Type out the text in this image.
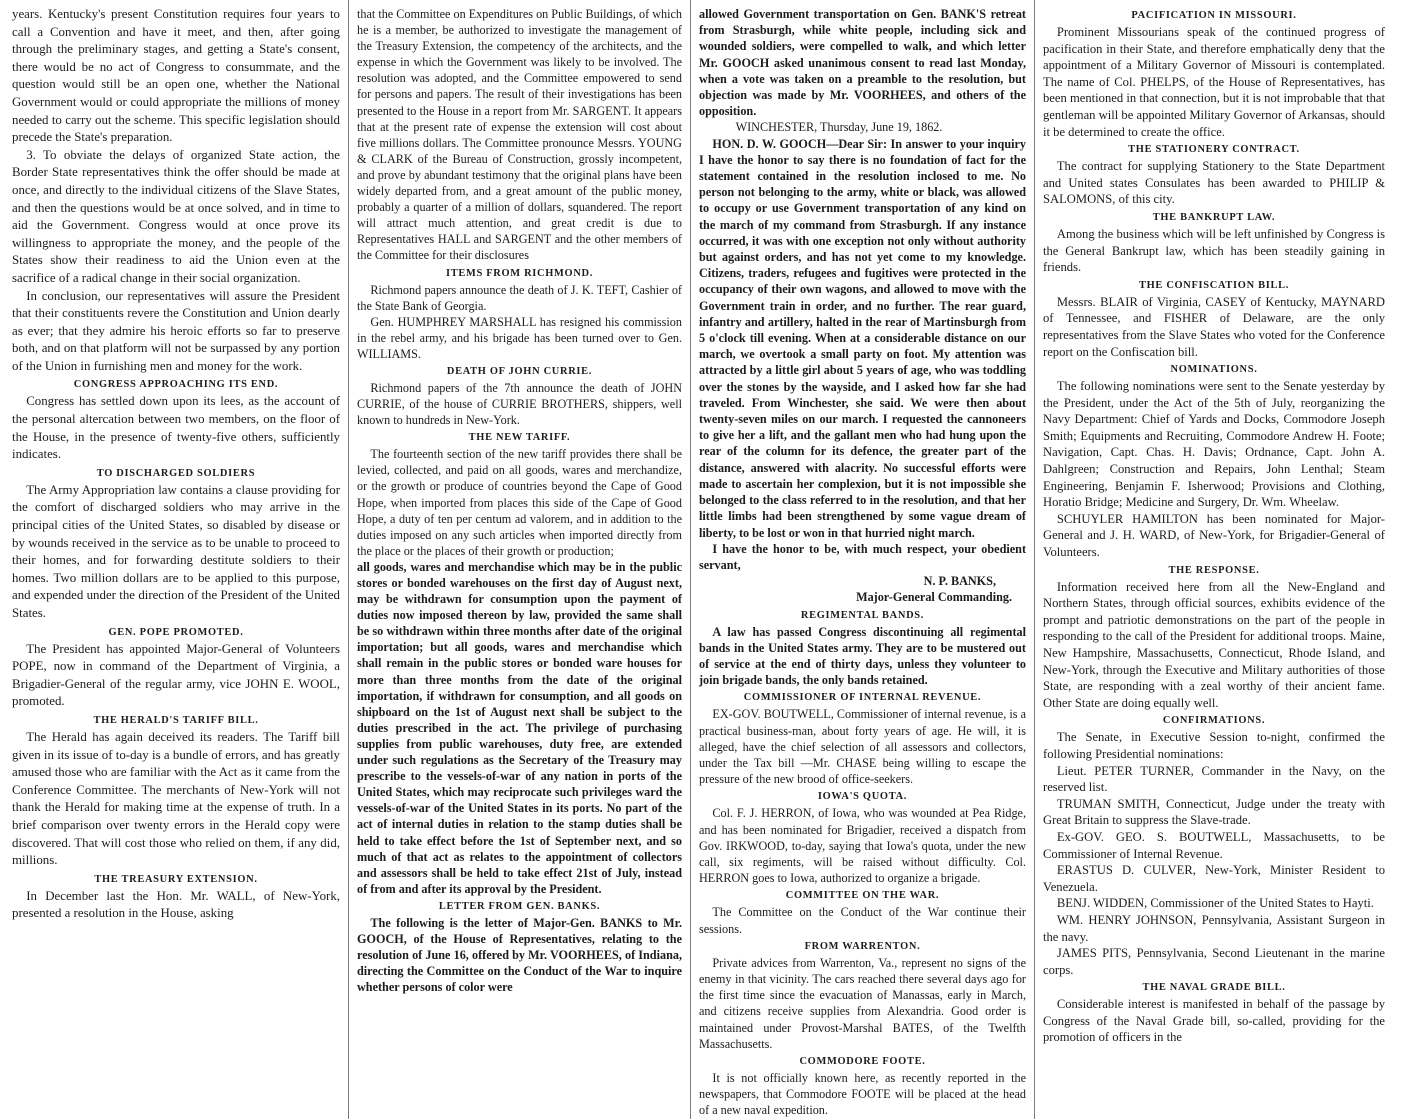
years. Kentucky's present Constitution requires four years to call a Convention and have it meet, and then, after going through the preliminary stages, and getting a State's consent, there would be no act of Congress to consummate, and the question would still be an open one, whether the National Government would or could appropriate the millions of money needed to carry out the scheme. This specific legislation should precede the State's preparation.

3. To obviate the delays of organized State action, the Border State representatives think the offer should be made at once, and directly to the individual citizens of the Slave States, and then the questions would be at once solved, and in time to aid the Government. Congress would at once prove its willingness to appropriate the money, and the people of the States show their readiness to aid the Union even at the sacrifice of a radical change in their social organization.

In conclusion, our representatives will assure the President that their constituents revere the Constitution and Union dearly as ever; that they admire his heroic efforts so far to preserve both, and on that platform will not be surpassed by any portion of the Union in furnishing men and money for the work.

CONGRESS APPROACHING ITS END.

Congress has settled down upon its lees, as the account of the personal altercation between two members, on the floor of the House, in the presence of twenty-five others, sufficiently indicates.

TO DISCHARGED SOLDIERS

The Army Appropriation law contains a clause providing for the comfort of discharged soldiers who may arrive in the principal cities of the United States, so disabled by disease or by wounds received in the service as to be unable to proceed to their homes, and for forwarding destitute soldiers to their homes. Two million dollars are to be applied to this purpose, and expended under the direction of the President of the United States.

GEN. POPE PROMOTED.

The President has appointed Major-General of Volunteers POPE, now in command of the Department of Virginia, a Brigadier-General of the regular army, vice JOHN E. WOOL, promoted.

THE HERALD'S TARIFF BILL.

The Herald has again deceived its readers. The Tariff bill given in its issue of to-day is a bundle of errors, and has greatly amused those who are familiar with the Act as it came from the Conference Committee. The merchants of New-York will not thank the Herald for making time at the expense of truth. In a brief comparison over twenty errors in the Herald copy were discovered. That will cost those who relied on them, if any did, millions.

THE TREASURY EXTENSION.

In December last the Hon. Mr. WALL, of New-York, presented a resolution in the House, asking

that the Committee on Expenditures on Public Buildings, of which he is a member, be authorized to investigate the management of the Treasury Extension, the competency of the architects, and the expense in which the Government was likely to be involved. The resolution was adopted, and the Committee empowered to send for persons and papers. The result of their investigations has been presented to the House in a report from Mr. SARGENT. It appears that at the present rate of expense the extension will cost about five millions dollars. The Committee pronounce Messrs. YOUNG & CLARK of the Bureau of Construction, grossly incompetent, and prove by abundant testimony that the original plans have been widely departed from, and a great amount of the public money, probably a quarter of a million of dollars, squandered. The report will attract much attention, and great credit is due to Representatives HALL and SARGENT and the other members of the Committee for their disclosures

ITEMS FROM RICHMOND.

Richmond papers announce the death of J. K. TEFT, Cashier of the State Bank of Georgia.

Gen. HUMPHREY MARSHALL has resigned his commission in the rebel army, and his brigade has been turned over to Gen. WILLIAMS.

DEATH OF JOHN CURRIE.

Richmond papers of the 7th announce the death of JOHN CURRIE, of the house of CURRIE BROTHERS, shippers, well known to hundreds in New-York.

THE NEW TARIFF.

The fourteenth section of the new tariff provides there shall be levied, collected, and paid on all goods, wares and merchandize, or the growth or produce of countries beyond the Cape of Good Hope, when imported from places this side of the Cape of Good Hope, a duty of ten per centum ad valorem, and in addition to the duties imposed on any such articles when imported directly from the place or the places of their growth or production;

all goods, wares and merchandise which may be in the public stores or bonded warehouses on the first day of August next, may be withdrawn for consumption upon the payment of duties now imposed thereon by law, provided the same shall be so withdrawn within three months after date of the original importation; but all goods, wares and merchandise which shall remain in the public stores or bonded ware houses for more than three months from the date of the original importation, if withdrawn for consumption, and all goods on shipboard on the 1st of August next shall be subject to the duties prescribed in the act. The privilege of purchasing supplies from public warehouses, duty free, are extended under such regulations as the Secretary of the Treasury may prescribe to the vessels-of-war of any nation in ports of the United States, which may reciprocate such privileges ward the vessels-of-war of the United States in its ports. No part of the act of internal duties in relation to the stamp duties shall be held to take effect before the 1st of September next, and so much of that act as relates to the appointment of collectors and assessors shall be held to take effect 21st of July, instead of from and after its approval by the President.

LETTER FROM GEN. BANKS.

The following is the letter of Major-Gen. BANKS to Mr. GOOCH, of the House of Representatives, relating to the resolution of June 16, offered by Mr. VOORHEES, of Indiana, directing the Committee on the Conduct of the War to inquire whether persons of color were

allowed Government transportation on Gen. BANK'S retreat from Strasburgh, while white people, including sick and wounded soldiers, were compelled to walk, and which letter Mr. GOOCH asked unanimous consent to read last Monday, when a vote was taken on a preamble to the resolution, but objection was made by Mr. VOORHEES, and others of the opposition.

WINCHESTER, Thursday, June 19, 1862.

HON. D. W. GOOCH—Dear Sir: In answer to your inquiry I have the honor to say there is no foundation of fact for the statement contained in the resolution inclosed to me. No person not belonging to the army, white or black, was allowed to occupy or use Government transportation of any kind on the march of my command from Strasburgh. If any instance occurred, it was with one exception not only without authority but against orders, and has not yet come to my knowledge. Citizens, traders, refugees and fugitives were protected in the occupancy of their own wagons, and allowed to move with the Government train in order, and no further. The rear guard, infantry and artillery, halted in the rear of Martinsburgh from 5 o'clock till evening. When at a considerable distance on our march, we overtook a small party on foot. My attention was attracted by a little girl about 5 years of age, who was toddling over the stones by the wayside, and I asked how far she had traveled. From Winchester, she said. We were then about twenty-seven miles on our march. I requested the cannoneers to give her a lift, and the gallant men who had hung upon the rear of the column for its defence, the greater part of the distance, answered with alacrity. No successful efforts were made to ascertain her complexion, but it is not impossible she belonged to the class referred to in the resolution, and that her little limbs had been strengthened by some vague dream of liberty, to be lost or won in that hurried night march.

I have the honor to be, with much respect, your obedient servant,

N. P. BANKS,

Major-General Commanding.

REGIMENTAL BANDS.

A law has passed Congress discontinuing all regimental bands in the United States army. They are to be mustered out of service at the end of thirty days, unless they volunteer to join brigade bands, the only bands retained.

COMMISSIONER OF INTERNAL REVENUE.

EX-GOV. BOUTWELL, Commissioner of internal revenue, is a practical business-man, about forty years of age. He will, it is alleged, have the chief selection of all assessors and collectors, under the Tax bill —Mr. CHASE being willing to escape the pressure of the new brood of office-seekers.

IOWA'S QUOTA.

Col. F. J. HERRON, of Iowa, who was wounded at Pea Ridge, and has been nominated for Brigadier, received a dispatch from Gov. IRKWOOD, to-day, saying that Iowa's quota, under the new call, six regiments, will be raised without difficulty. Col. HERRON goes to Iowa, authorized to organize a brigade.

COMMITTEE ON THE WAR.

The Committee on the Conduct of the War continue their sessions.

FROM WARRENTON.

Private advices from Warrenton, Va., represent no signs of the enemy in that vicinity. The cars reached there several days ago for the first time since the evacuation of Manassas, early in March, and citizens receive supplies from Alexandria. Good order is maintained under Provost-Marshal BATES, of the Twelfth Massachusetts.

COMMODORE FOOTE.

It is not officially known here, as recently reported in the newspapers, that Commodore FOOTE will be placed at the head of a new naval expedition.

PACIFICATION IN MISSOURI.

Prominent Missourians speak of the continued progress of pacification in their State, and therefore emphatically deny that the appointment of a Military Governor of Missouri is contemplated. The name of Col. PHELPS, of the House of Representatives, has been mentioned in that connection, but it is not improbable that that gentleman will be appointed Military Governor of Arkansas, should it be determined to create the office.

THE STATIONERY CONTRACT.

The contract for supplying Stationery to the State Department and United states Consulates has been awarded to PHILIP & SALOMONS, of this city.

THE BANKRUPT LAW.

Among the business which will be left unfinished by Congress is the General Bankrupt law, which has been steadily gaining in friends.

THE CONFISCATION BILL.

Messrs. BLAIR of Virginia, CASEY of Kentucky, MAYNARD of Tennessee, and FISHER of Delaware, are the only representatives from the Slave States who voted for the Conference report on the Confiscation bill.

NOMINATIONS.

The following nominations were sent to the Senate yesterday by the President, under the Act of the 5th of July, reorganizing the Navy Department: Chief of Yards and Docks, Commodore Joseph Smith; Equipments and Recruiting, Commodore Andrew H. Foote; Navigation, Capt. Chas. H. Davis; Ordnance, Capt. John A. Dahlgreen; Construction and Repairs, John Lenthal; Steam Engineering, Benjamin F. Isherwood; Provisions and Clothing, Horatio Bridge; Medicine and Surgery, Dr. Wm. Wheelaw.

SCHUYLER HAMILTON has been nominated for Major-General and J. H. WARD, of New-York, for Brigadier-General of Volunteers.

THE RESPONSE.

Information received here from all the New-England and Northern States, through official sources, exhibits evidence of the prompt and patriotic demonstrations on the part of the people in responding to the call of the President for additional troops. Maine, New Hampshire, Massachusetts, Connecticut, Rhode Island, and New-York, through the Executive and Military authorities of those State, are responding with a zeal worthy of their ancient fame. Other State are doing equally well.

CONFIRMATIONS.

The Senate, in Executive Session to-night, confirmed the following Presidential nominations:

Lieut. PETER TURNER, Commander in the Navy, on the reserved list.

TRUMAN SMITH, Connecticut, Judge under the treaty with Great Britain to suppress the Slave-trade.

Ex-GOV. GEO. S. BOUTWELL, Massachusetts, to be Commissioner of Internal Revenue.

ERASTUS D. CULVER, New-York, Minister Resident to Venezuela.

BENJ. WIDDEN, Commissioner of the United States to Hayti.

WM. HENRY JOHNSON, Pennsylvania, Assistant Surgeon in the navy.

JAMES PITS, Pennsylvania, Second Lieutenant in the marine corps.

THE NAVAL GRADE BILL.

Considerable interest is manifested in behalf of the passage by Congress of the Naval Grade bill, so-called, providing for the promotion of officers in the
